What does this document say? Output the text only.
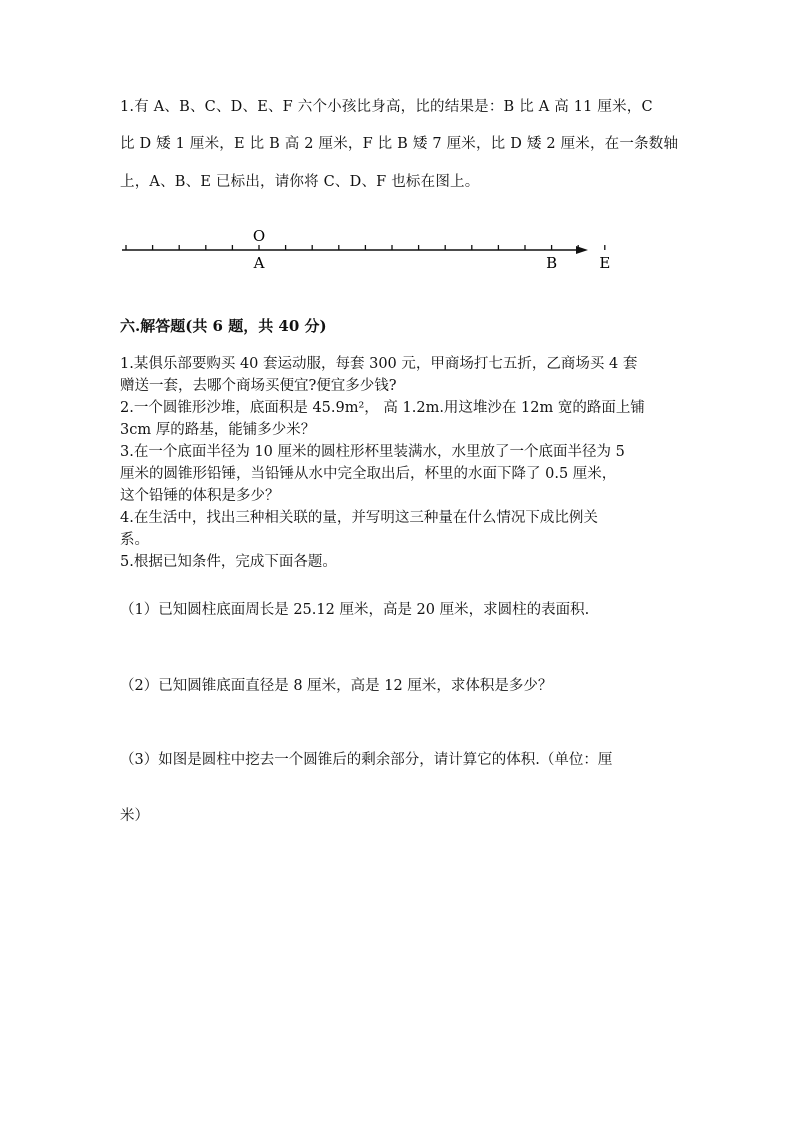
1.有 A、B、C、D、E、F 六个小孩比身高，比的结果是：B 比 A 高 11 厘米，C
比 D 矮 1 厘米，E 比 B 高 2 厘米，F 比 B 矮 7 厘米，比 D 矮 2 厘米，在一条数轴
上，A、B、E 已标出，请你将 C、D、F 也标在图上。
O
A	B	E
六.解答题(共 6 题，共 40 分)
1.某俱乐部要购买 40 套运动服，每套 300 元，甲商场打七五折，乙商场买 4 套
赠送一套，去哪个商场买便宜?便宜多少钱?
2.一个圆锥形沙堆，底面积是 45.9m²， 高 1.2m.用这堆沙在 12m 宽的路面上铺
3cm 厚的路基，能铺多少米？
3.在一个底面半径为 10 厘米的圆柱形杯里装满水，水里放了一个底面半径为 5
厘米的圆锥形铅锤，当铅锤从水中完全取出后，杯里的水面下降了 0.5 厘米，
这个铅锤的体积是多少？
4.在生活中，找出三种相关联的量，并写明这三种量在什么情况下成比例关
系。
5.根据已知条件，完成下面各题。
（1）已知圆柱底面周长是 25.12 厘米，高是 20 厘米，求圆柱的表面积.
（2）已知圆锥底面直径是 8 厘米，高是 12 厘米，求体积是多少？
（3）如图是圆柱中挖去一个圆锥后的剩余部分，请计算它的体积.（单位：厘
米）
